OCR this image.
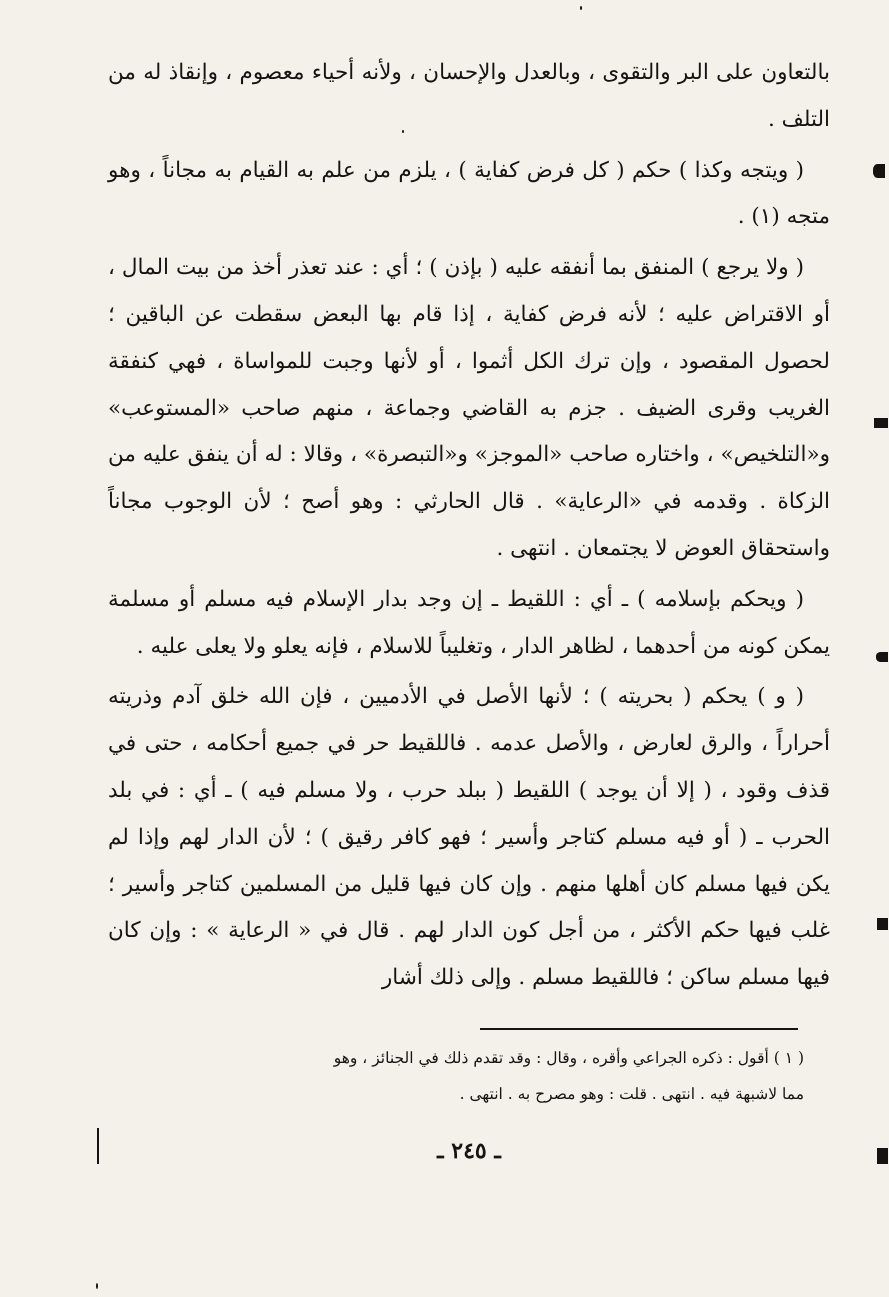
بالتعاون على البر والتقوى ، وبالعدل والإحسان ، ولأنه أحياء معصوم ، وإنقاذ له من التلف .

( ويتجه وكذا ) حكم ( كل فرض كفاية ) ، يلزم من علم به القيام به مجاناً ، وهو متجه (١) .

( ولا يرجع ) المنفق بما أنفقه عليه ( بإذن ) ؛ أي : عند تعذر أخذ من بيت المال ، أو الاقتراض عليه ؛ لأنه فرض كفاية ، إذا قام بها البعض سقطت عن الباقين ؛ لحصول المقصود ، وإن ترك الكل أثموا ، أو لأنها وجبت للمواساة ، فهي كنفقة الغريب وقرى الضيف . جزم به القاضي وجماعة ، منهم صاحب «المستوعب» و«التلخيص» ، واختاره صاحب «الموجز» و«التبصرة» ، وقالا : له أن ينفق عليه من الزكاة . وقدمه في «الرعاية» . قال الحارثي : وهو أصح ؛ لأن الوجوب مجاناً واستحقاق العوض لا يجتمعان . انتهى .

( ويحكم بإسلامه ) ـ أي : اللقيط ـ إن وجد بدار الإسلام فيه مسلم أو مسلمة يمكن كونه من أحدهما ، لظاهر الدار ، وتغليباً للاسلام ، فإنه يعلو ولا يعلى عليه .

( و ) يحكم ( بحريته ) ؛ لأنها الأصل في الأدميين ، فإن الله خلق آدم وذريته أحراراً ، والرق لعارض ، والأصل عدمه . فاللقيط حر في جميع أحكامه ، حتى في قذف وقود ، ( إلا أن يوجد ) اللقيط ( ببلد حرب ، ولا مسلم فيه ) ـ أي : في بلد الحرب ـ ( أو فيه مسلم كتاجر وأسير ؛ فهو كافر رقيق ) ؛ لأن الدار لهم وإذا لم يكن فيها مسلم كان أهلها منهم . وإن كان فيها قليل من المسلمين كتاجر وأسير ؛ غلب فيها حكم الأكثر ، من أجل كون الدار لهم . قال في « الرعاية » : وإن كان فيها مسلم ساكن ؛ فاللقيط مسلم . وإلى ذلك أشار

( ١ ) أقول : ذكره الجراعي وأقره ، وقال : وقد تقدم ذلك في الجنائز ، وهو

مما لاشبهة فيه . انتهى . قلت : وهو مصرح به . انتهى .

ـ ٢٤٥ ـ
